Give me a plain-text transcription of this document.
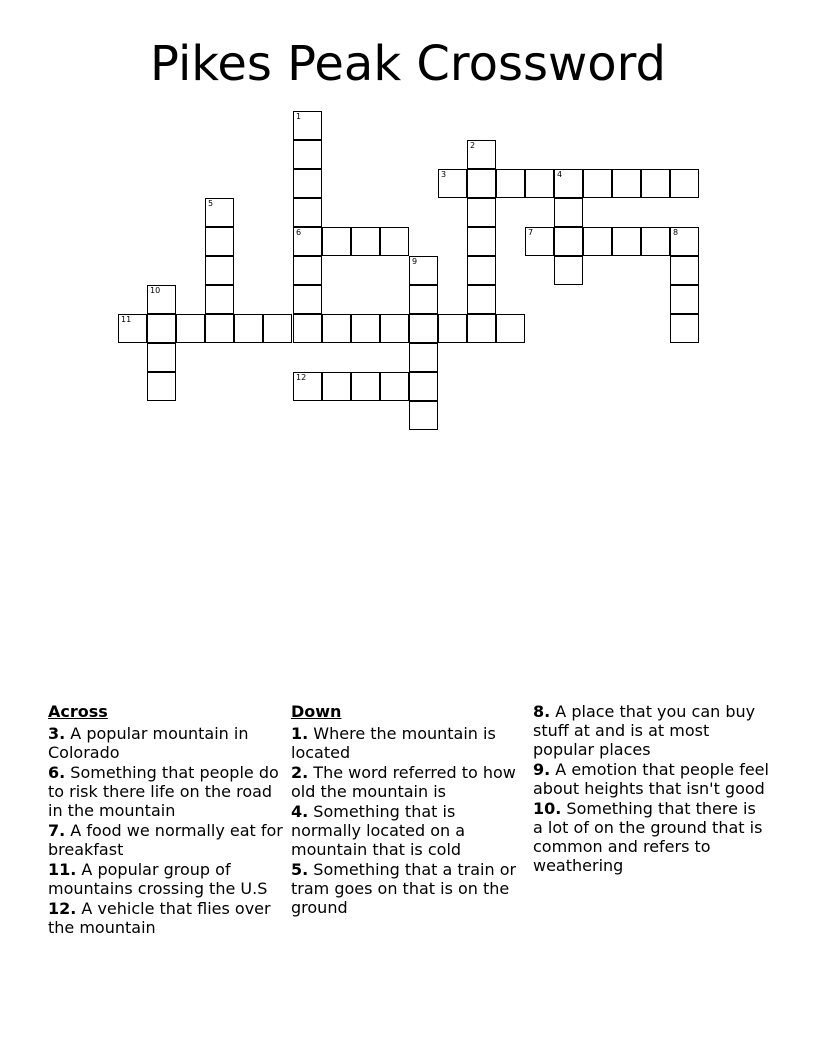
Pikes Peak Crossword
1
6
2
3	4
5
7	8
9
10
11
12
Across
3. A popular mountain in Colorado
6. Something that people do to risk there life on the road in the mountain
7. A food we normally eat for breakfast
11. A popular group of mountains crossing the U.S
12. A vehicle that flies over the mountain
Down
1. Where the mountain is located
2. The word referred to how old the mountain is
4. Something that is normally located on a mountain that is cold
5. Something that a train or tram goes on that is on the ground
8. A place that you can buy stuff at and is at most popular places
9. A emotion that people feel about heights that isn't good
10. Something that there is a lot of on the ground that is common and refers to weathering
